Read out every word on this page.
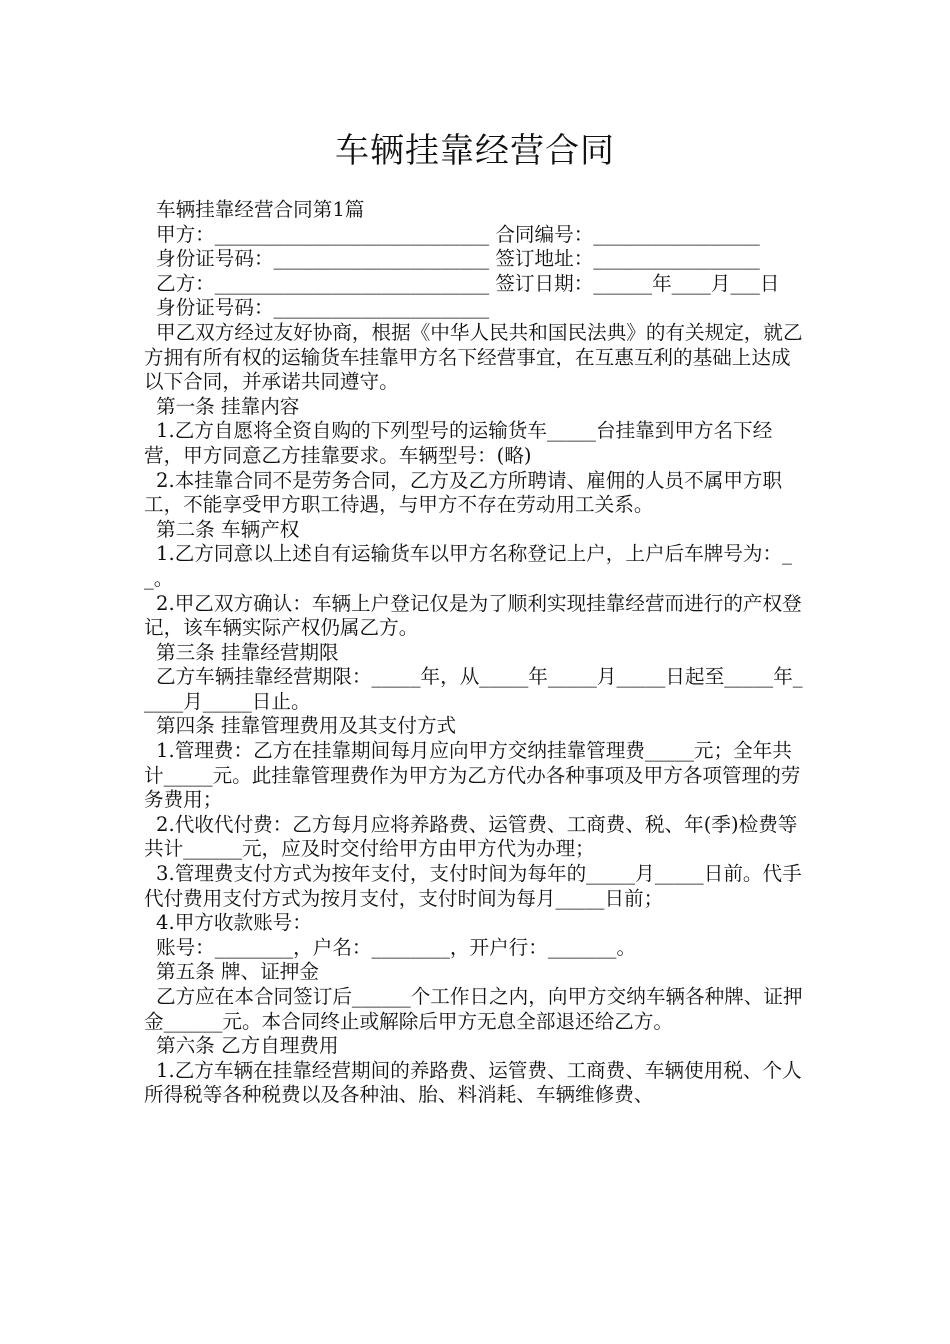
车辆挂靠经营合同

车辆挂靠经营合同第1篇

甲方：____________________________ 合同编号：_________________

身份证号码：______________________ 签订地址：_________________

乙方：____________________________ 签订日期：______年____月___日

身份证号码：______________________

甲乙双方经过友好协商，根据《中华人民共和国民法典》的有关规定，就乙方拥有所有权的运输货车挂靠甲方名下经营事宜，在互惠互利的基础上达成以下合同，并承诺共同遵守。

第一条 挂靠内容

1.乙方自愿将全资自购的下列型号的运输货车_____台挂靠到甲方名下经营，甲方同意乙方挂靠要求。车辆型号：(略)

2.本挂靠合同不是劳务合同，乙方及乙方所聘请、雇佣的人员不属甲方职工，不能享受甲方职工待遇，与甲方不存在劳动用工关系。

第二条 车辆产权

1.乙方同意以上述自有运输货车以甲方名称登记上户，上户后车牌号为：__。

2.甲乙双方确认：车辆上户登记仅是为了顺利实现挂靠经营而进行的产权登记，该车辆实际产权仍属乙方。

第三条 挂靠经营期限

乙方车辆挂靠经营期限：_____年，从_____年_____月_____日起至_____年_____月_____日止。

第四条 挂靠管理费用及其支付方式

1.管理费：乙方在挂靠期间每月应向甲方交纳挂靠管理费_____元；全年共计_____元。此挂靠管理费作为甲方为乙方代办各种事项及甲方各项管理的劳务费用；

2.代收代付费：乙方每月应将养路费、运管费、工商费、税、年(季)检费等共计______元，应及时交付给甲方由甲方代为办理；

3.管理费支付方式为按年支付，支付时间为每年的_____月_____日前。代手代付费用支付方式为按月支付，支付时间为每月_____日前；

4.甲方收款账号：

账号：________，户名：________，开户行：_______。

第五条 牌、证押金

乙方应在本合同签订后______个工作日之内，向甲方交纳车辆各种牌、证押金______元。本合同终止或解除后甲方无息全部退还给乙方。

第六条 乙方自理费用

1.乙方车辆在挂靠经营期间的养路费、运管费、工商费、车辆使用税、个人所得税等各种税费以及各种油、胎、料消耗、车辆维修费、
